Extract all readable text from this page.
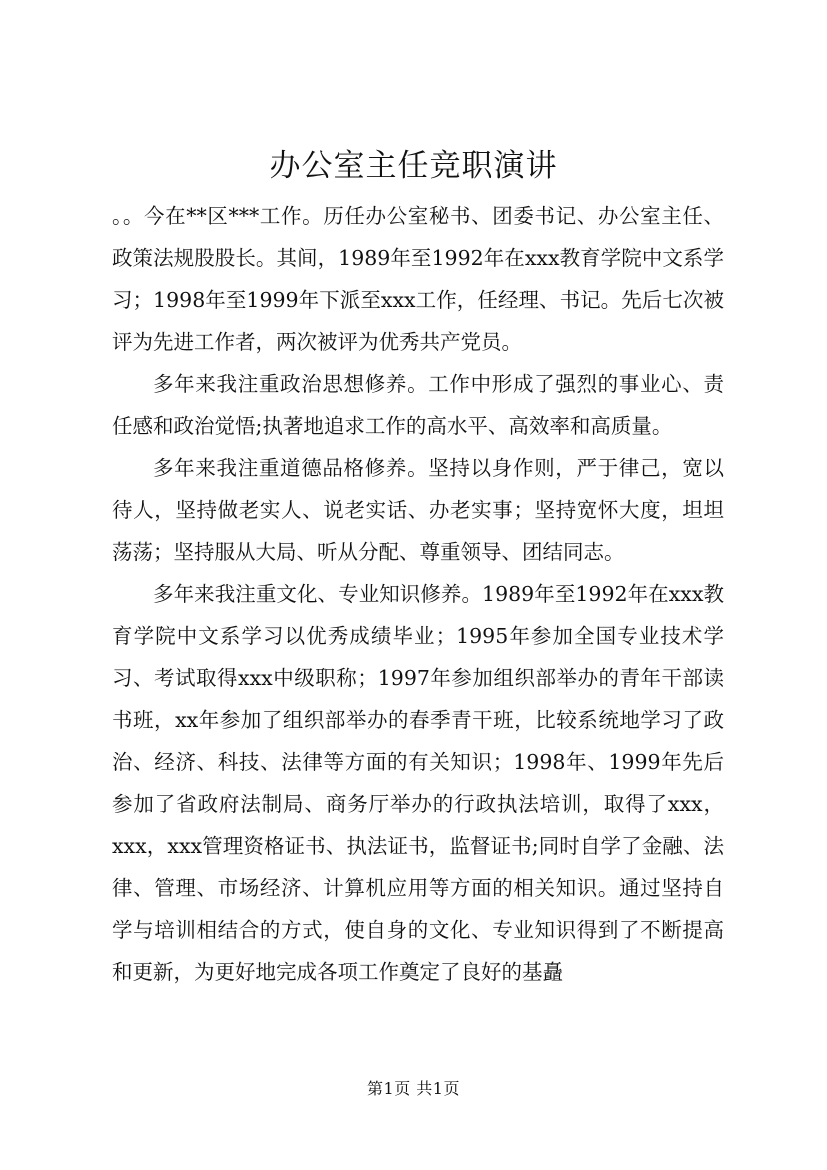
办公室主任竞职演讲

。。今在**区***工作。历任办公室秘书、团委书记、办公室主任、政策法规股股长。其间，1989年至1992年在xxx教育学院中文系学习；1998年至1999年下派至xxx工作，任经理、书记。先后七次被评为先进工作者，两次被评为优秀共产党员。

多年来我注重政治思想修养。工作中形成了强烈的事业心、责任感和政治觉悟;执著地追求工作的高水平、高效率和高质量。

多年来我注重道德品格修养。坚持以身作则，严于律己，宽以待人，坚持做老实人、说老实话、办老实事；坚持宽怀大度，坦坦荡荡；坚持服从大局、听从分配、尊重领导、团结同志。

多年来我注重文化、专业知识修养。1989年至1992年在xxx教育学院中文系学习以优秀成绩毕业；1995年参加全国专业技术学习、考试取得xxx中级职称；1997年参加组织部举办的青年干部读书班，xx年参加了组织部举办的春季青干班，比较系统地学习了政治、经济、科技、法律等方面的有关知识；1998年、1999年先后参加了省政府法制局、商务厅举办的行政执法培训，取得了xxx，xxx，xxx管理资格证书、执法证书，监督证书;同时自学了金融、法律、管理、市场经济、计算机应用等方面的相关知识。通过坚持自学与培训相结合的方式，使自身的文化、专业知识得到了不断提高和更新，为更好地完成各项工作奠定了良好的基矗

第1页 共1页
